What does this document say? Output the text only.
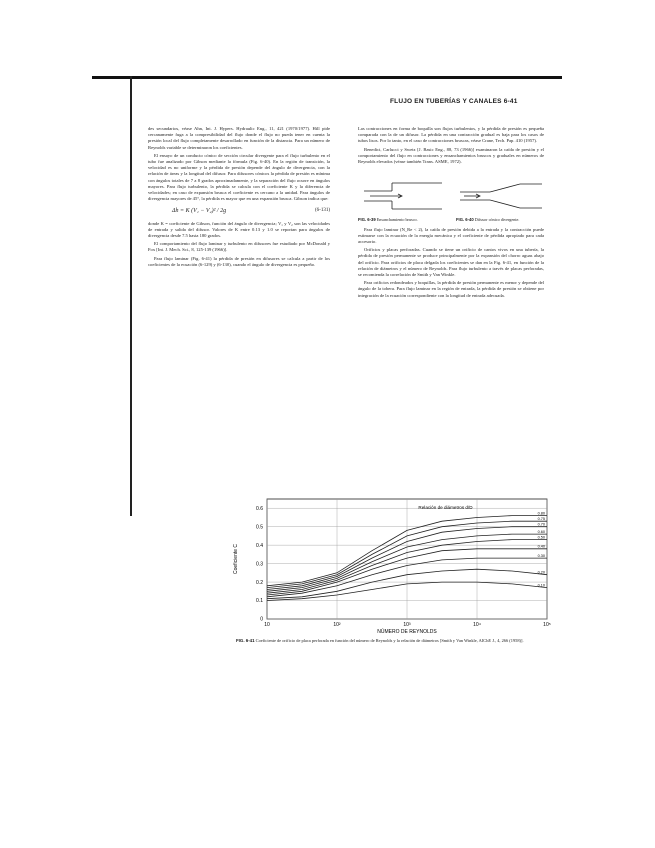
FLUJO EN TUBERÍAS Y CANALES 6-41

des secundarios, véase Ahn, Int. J. Hypers. Hydraulic Eng., 11, 421 (1970/1977). Hill pide cercanamente fuga a la compresibilidad del flujo donde el flujo no pueda tener en cuenta la presión local del flujo completamente desarrollado en función de la distancia. Para un número de Reynolds variable se determinaron los coeficientes.

El ensayo de un conducto cónico de sección circular divergente para el flujo turbulento en el tubo fue analizado por Gibson mediante la fórmula (Fig. 6-40). En la región de transición, la velocidad es no uniforme y la pérdida de presión depende del ángulo de divergencia, con la relación de áreas y la longitud del difusor. Para difusores cónicos la pérdida de presión es mínima con ángulos totales de 7 a 8 grados aproximadamente, y la separación del flujo ocurre en ángulos mayores. Para flujo turbulento, la pérdida se calcula con el coeficiente K y la diferencia de velocidades; en caso de expansión brusca el coeficiente es cercano a la unidad. Para ángulos de divergencia mayores de 45°, la pérdida es mayor que en una expansión brusca. Gibson indica que:

Δh = K (V₁ − V₂)² / 2g	(6-131)

donde K = coeficiente de Gibson, función del ángulo de divergencia; V₁ y V₂ son las velocidades de entrada y salida del difusor. Valores de K entre 0.13 y 1.0 se reportan para ángulos de divergencia desde 7.5 hasta 180 grados.

El comportamiento del flujo laminar y turbulento en difusores fue estudiado por McDonald y Fox [Int. J. Mech. Sci., 8, 125-139 (1966)].

Para flujo laminar (Fig. 6-41) la pérdida de presión en difusores se calcula a partir de los coeficientes de la ecuación (6-129) y (6-130), cuando el ángulo de divergencia es pequeño.

Las contracciones en forma de boquilla son flujos turbulentos, y la pérdida de presión es pequeña comparada con la de un difusor. La pérdida en una contracción gradual es baja para los casos de tubos lisos. Por lo tanto, en el caso de contracciones bruscas, véase Crane, Tech. Pap. 410 (1957).

Benedict, Carlucci y Swetz [J. Basic Eng., 88, 73 (1966)] examinaron la caída de presión y el comportamiento del flujo en contracciones y ensanchamientos bruscos y graduales en números de Reynolds elevados (véase también Trans. ASME, 1972).

FIG. 6-39 Ensanchamiento brusco.	FIG. 6-40 Difusor cónico divergente.

Para flujo laminar (N_Re < 2), la caída de presión debida a la entrada y la contracción puede estimarse con la ecuación de la energía mecánica y el coeficiente de pérdida apropiado para cada accesorio.

Orificios y placas perforadas. Cuando se tiene un orificio de cantos vivos en una tubería, la pérdida de presión permanente se produce principalmente por la expansión del chorro aguas abajo del orificio. Para orificios de placa delgada los coeficientes se dan en la Fig. 6-41, en función de la relación de diámetros y el número de Reynolds. Para flujo turbulento a través de placas perforadas, se recomienda la correlación de Smith y Van Winkle.

Para orificios redondeados y boquillas, la pérdida de presión permanente es menor y depende del ángulo de la tobera. Para flujo laminar en la región de entrada, la pérdida de presión se obtiene por integración de la ecuación correspondiente con la longitud de entrada adecuada.

0.6
0.5
0.4
0.3
0.2
0.1
0
10	10²	10³	10⁴	10⁵
0.80
0.75
0.70
0.60
0.50
0.40
0.30
0.20
0.10
Relación de diámetros d/D
Coeficiente C
NÚMERO DE REYNOLDS
FIG. 6-41 Coeficiente de orificio de placa perforada en función del número de Reynolds y la relación de diámetros [Smith y Van Winkle, AIChE J., 4, 266 (1958)].
